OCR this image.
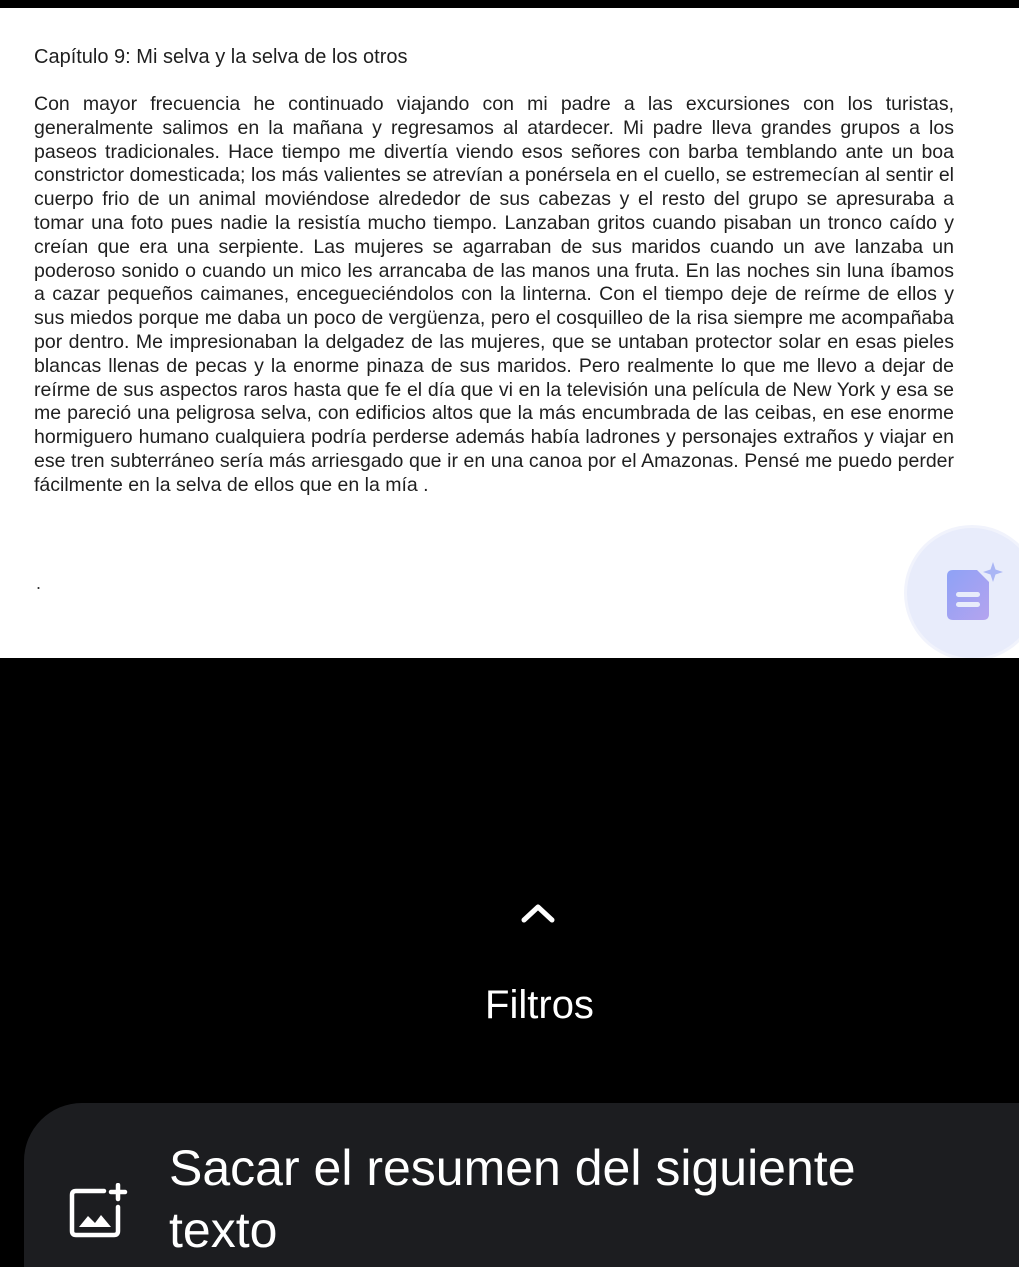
Capítulo 9: Mi selva y la selva de los otros

Con mayor frecuencia he continuado viajando con mi padre a las excursiones con los turistas, generalmente salimos en la mañana y regresamos al atardecer. Mi padre lleva grandes grupos a los paseos tradicionales. Hace tiempo me divertía viendo esos señores con barba temblando ante un boa constrictor domesticada; los más valientes se atrevían a ponérsela en el cuello, se estremecían al sentir el cuerpo frio de un animal moviéndose alrededor de sus cabezas y el resto del grupo se apresuraba a tomar una foto pues nadie la resistía mucho tiempo. Lanzaban gritos cuando pisaban un tronco caído y creían que era una serpiente. Las mujeres se agarraban de sus maridos cuando un ave lanzaba un poderoso sonido o cuando un mico les arrancaba de las manos una fruta. En las noches sin luna íbamos a cazar pequeños caimanes, encegueciéndolos con la linterna. Con el tiempo deje de reírme de ellos y sus miedos porque me daba un poco de vergüenza, pero el cosquilleo de la risa siempre me acompañaba por dentro. Me impresionaban la delgadez de las mujeres, que se untaban protector solar en esas pieles blancas llenas de pecas y la enorme pinaza de sus maridos. Pero realmente lo que me llevo a dejar de reírme de sus aspectos raros hasta que fe el día que vi en la televisión una película de New York y esa se me pareció una peligrosa selva, con edificios altos que la más encumbrada de las ceibas, en ese enorme hormiguero humano cualquiera podría perderse además había ladrones y personajes extraños y viajar en ese tren subterráneo sería más arriesgado que ir en una canoa por el Amazonas. Pensé me puedo perder fácilmente en la selva de ellos que en la mía .

.
Filtros
Sacar el resumen del siguiente texto
